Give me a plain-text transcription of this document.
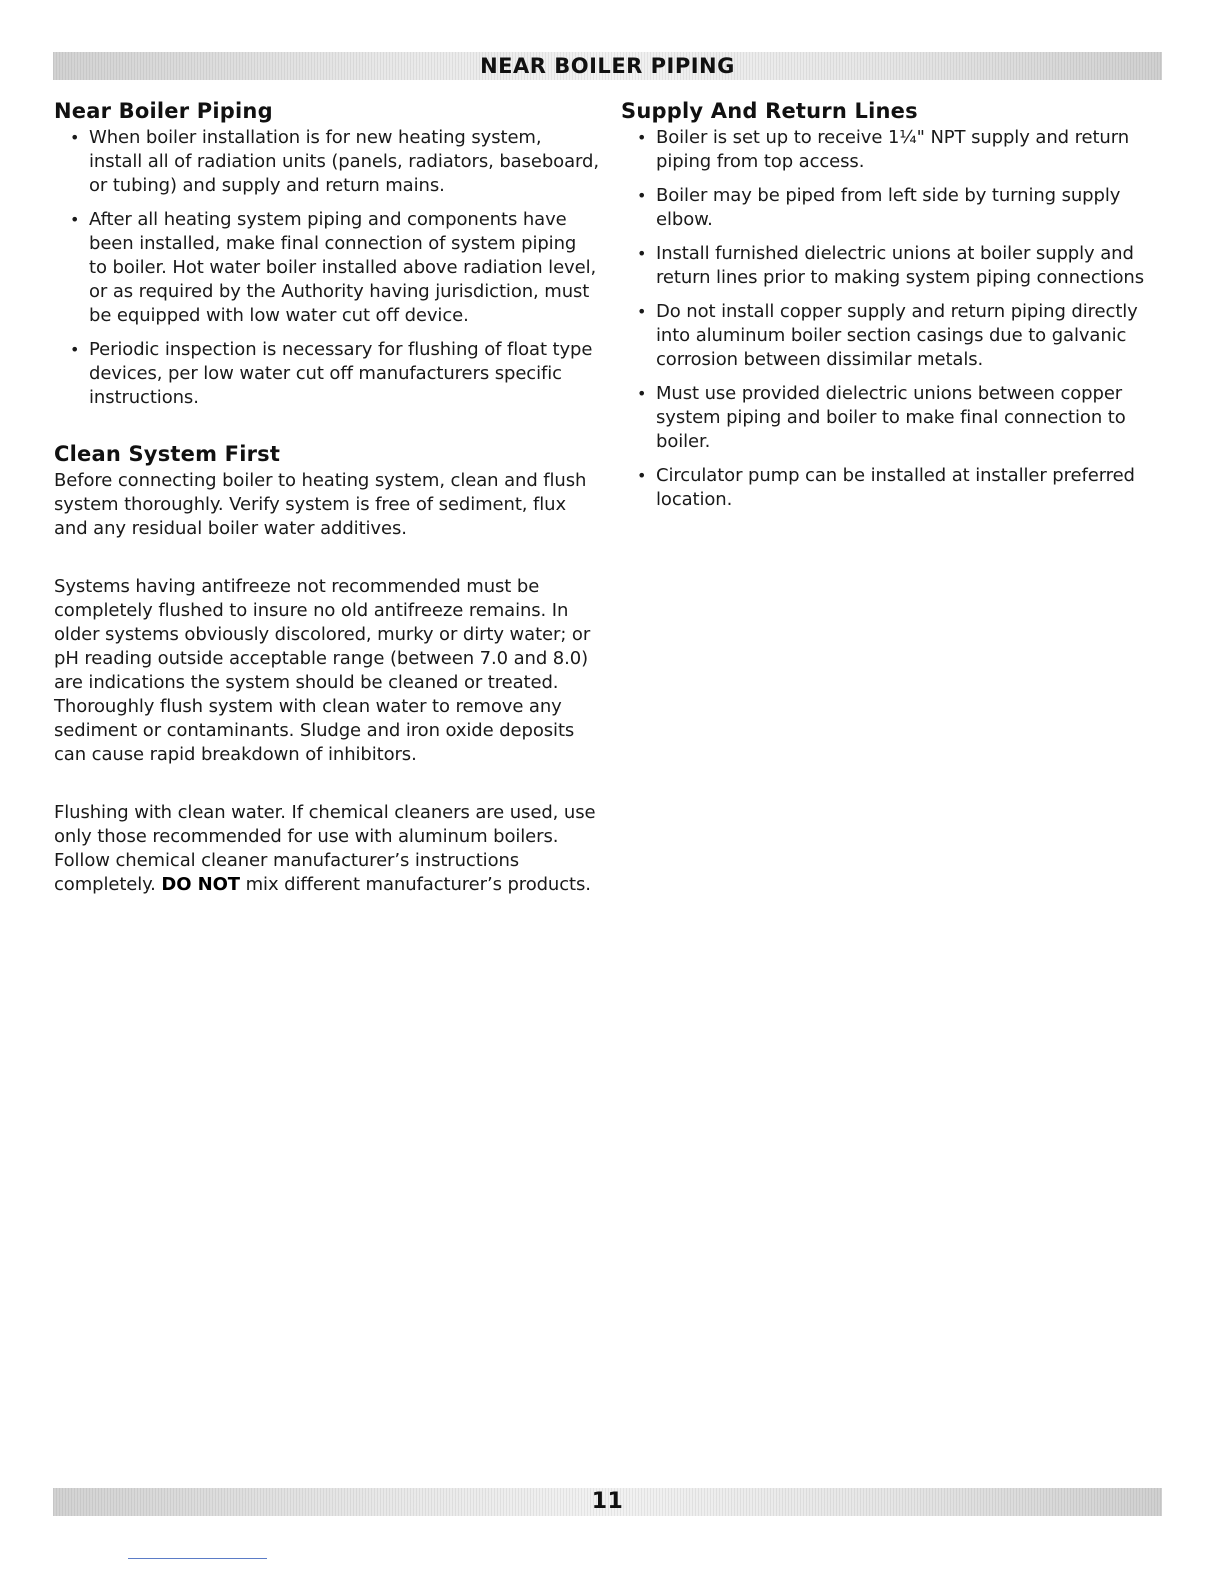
NEAR BOILER PIPING
Near Boiler Piping
• When boiler installation is for new heating system, install all of radiation units (panels, radiators, baseboard, or tubing) and supply and return mains.
• After all heating system piping and components have been installed, make final connection of system piping to boiler. Hot water boiler installed above radiation level, or as required by the Authority having jurisdiction, must be equipped with low water cut off device.
• Periodic inspection is necessary for flushing of float type devices, per low water cut off manufacturers specific instructions.
Clean System First

Before connecting boiler to heating system, clean and flush system thoroughly. Verify system is free of sediment, flux and any residual boiler water additives.

Systems having antifreeze not recommended must be completely flushed to insure no old antifreeze remains. In older systems obviously discolored, murky or dirty water; or pH reading outside acceptable range (between 7.0 and 8.0) are indications the system should be cleaned or treated. Thoroughly flush system with clean water to remove any sediment or contaminants. Sludge and iron oxide deposits can cause rapid breakdown of inhibitors.

Flushing with clean water. If chemical cleaners are used, use only those recommended for use with aluminum boilers. Follow chemical cleaner manufacturer’s instructions completely. DO NOT mix different manufacturer’s products.

Supply And Return Lines
• Boiler is set up to receive 1¼" NPT supply and return piping from top access.
• Boiler may be piped from left side by turning supply elbow.
• Install furnished dielectric unions at boiler supply and return lines prior to making system piping connections
• Do not install copper supply and return piping directly into aluminum boiler section casings due to galvanic corrosion between dissimilar metals.
• Must use provided dielectric unions between copper system piping and boiler to make final connection to boiler.
• Circulator pump can be installed at installer preferred location.
11
